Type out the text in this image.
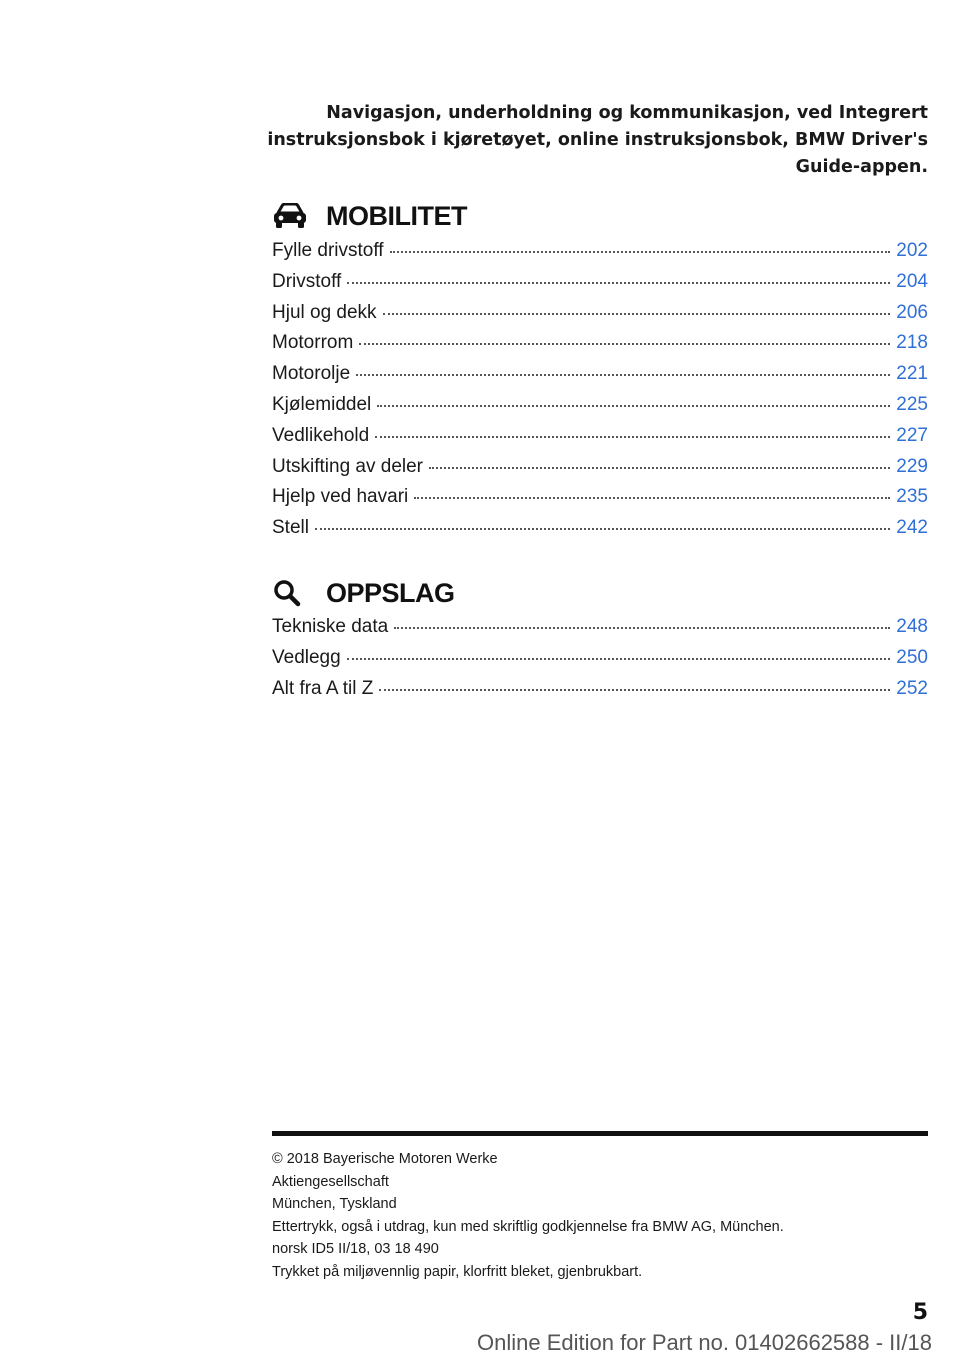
Navigasjon, underholdning og kommunikasjon, ved Integrert
instruksjonsbok i kjøretøyet, online instruksjonsbok, BMW Driver's
Guide-appen.
MOBILITET
Fylle drivstoff	202
Drivstoff	204
Hjul og dekk	206
Motorrom	218
Motorolje	221
Kjølemiddel	225
Vedlikehold	227
Utskifting av deler	229
Hjelp ved havari	235
Stell	242
OPPSLAG
Tekniske data	248
Vedlegg	250
Alt fra A til Z	252
© 2018 Bayerische Motoren Werke
Aktiengesellschaft
München, Tyskland
Ettertrykk, også i utdrag, kun med skriftlig godkjennelse fra BMW AG, München.
norsk ID5 II/18, 03 18 490
Trykket på miljøvennlig papir, klorfritt bleket, gjenbrukbart.
5
Online Edition for Part no. 01402662588 - II/18
